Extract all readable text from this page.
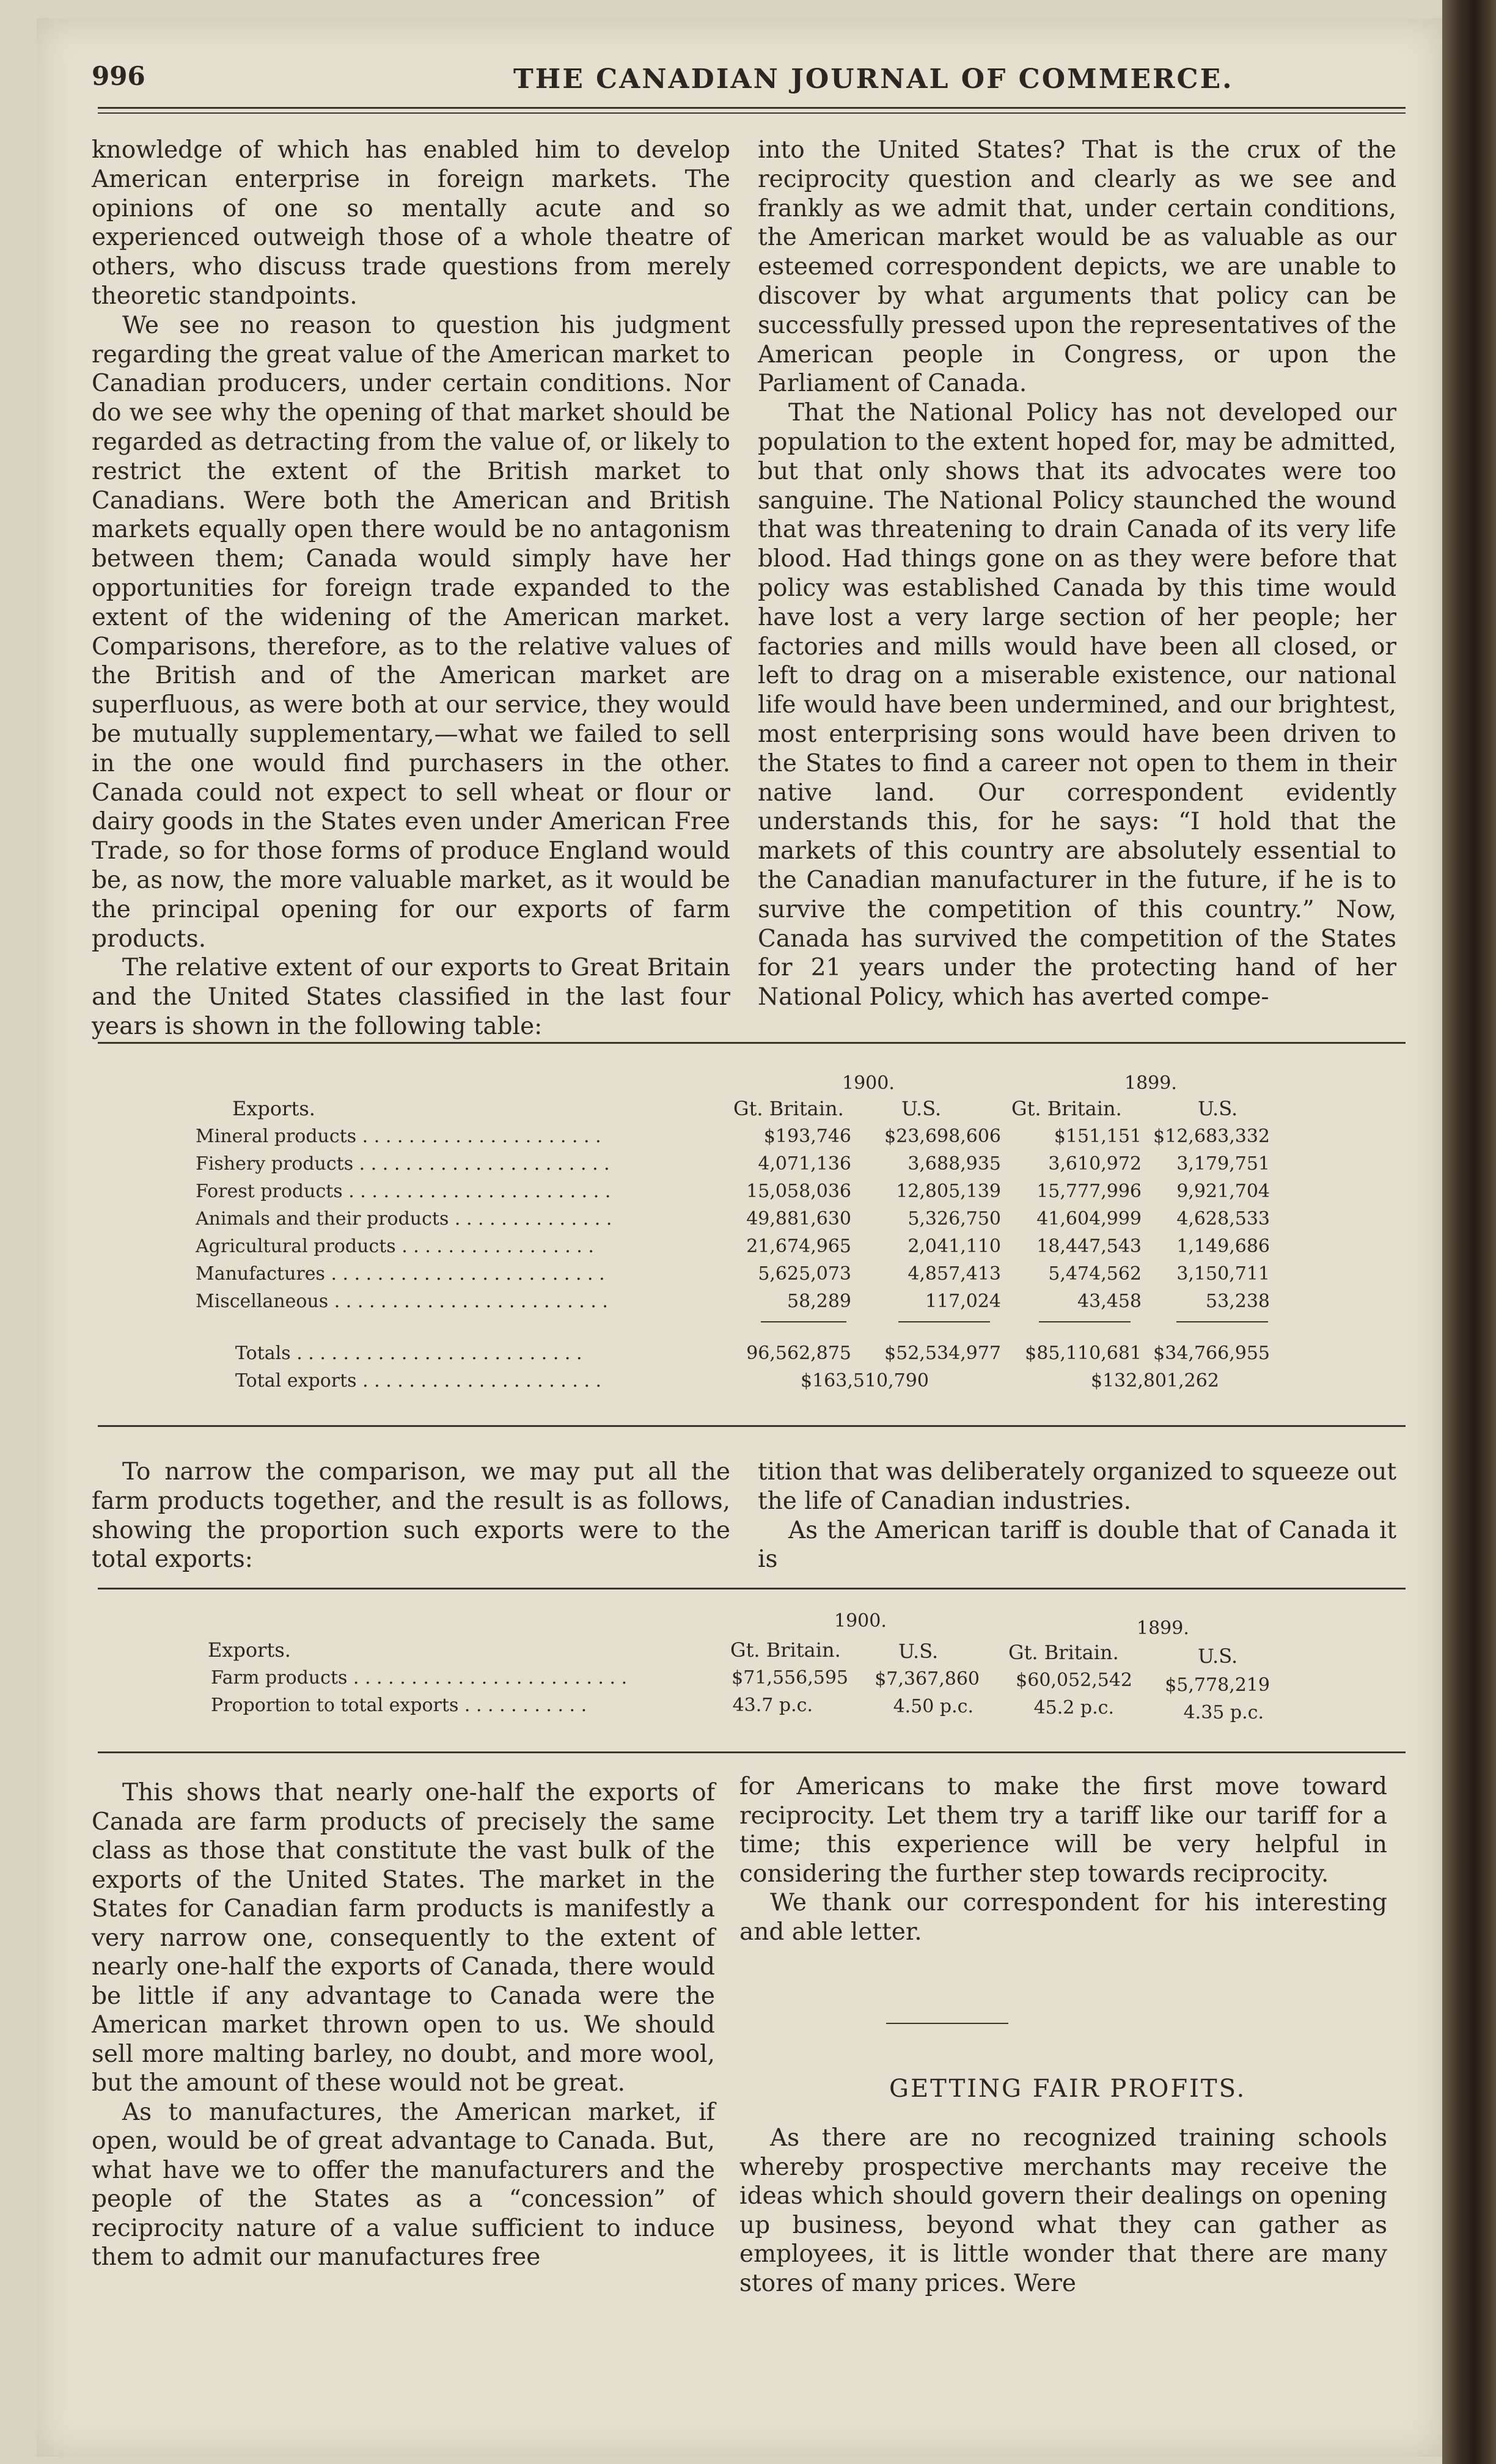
996	THE CANADIAN JOURNAL OF COMMERCE.

knowledge of which has enabled him to develop American enterprise in foreign markets. The opinions of one so mentally acute and so experienced outweigh those of a whole theatre of others, who discuss trade questions from merely theoretic standpoints.

We see no reason to question his judgment regarding the great value of the American market to Canadian producers, under certain conditions. Nor do we see why the opening of that market should be regarded as detracting from the value of, or likely to restrict the extent of the British market to Canadians. Were both the American and British markets equally open there would be no antagonism between them; Canada would simply have her opportunities for foreign trade expanded to the extent of the widening of the American market. Comparisons, therefore, as to the relative values of the British and of the American market are superfluous, as were both at our service, they would be mutually supplementary,—what we failed to sell in the one would find purchasers in the other. Canada could not expect to sell wheat or flour or dairy goods in the States even under American Free Trade, so for those forms of produce England would be, as now, the more valuable market, as it would be the principal opening for our exports of farm products.

The relative extent of our exports to Great Britain and the United States classified in the last four years is shown in the following table:

into the United States? That is the crux of the reciprocity question and clearly as we see and frankly as we admit that, under certain conditions, the American market would be as valuable as our esteemed correspondent depicts, we are unable to discover by what arguments that policy can be successfully pressed upon the representatives of the American people in Congress, or upon the Parliament of Canada.

That the National Policy has not developed our population to the extent hoped for, may be admitted, but that only shows that its advocates were too sanguine. The National Policy staunched the wound that was threatening to drain Canada of its very life blood. Had things gone on as they were before that policy was established Canada by this time would have lost a very large section of her people; her factories and mills would have been all closed, or left to drag on a miserable existence, our national life would have been undermined, and our brightest, most enterprising sons would have been driven to the States to find a career not open to them in their native land. Our correspondent evidently understands this, for he says: “I hold that the markets of this country are absolutely essential to the Canadian manufacturer in the future, if he is to survive the competition of this country.” Now, Canada has survived the competition of the States for 21 years under the protecting hand of her National Policy, which has averted compe-

1900.	1899.
Exports.	Gt. Britain.	U.S.	Gt. Britain.	U.S.
Mineral products . . . . . . . . . . . . . . . . . . . . .	$193,746 $23,698,606	$151,151 $12,683,332
Fishery products . . . . . . . . . . . . . . . . . . . . . .	4,071,136	3,688,935	3,610,972 3,179,751
Forest products . . . . . . . . . . . . . . . . . . . . . . .	15,058,036 12,805,139 15,777,996 9,921,704
Animals and their products . . . . . . . . . . . . . .	49,881,630	5,326,750 41,604,999 4,628,533
Agricultural products . . . . . . . . . . . . . . . . .	21,674,965	2,041,110 18,447,543 1,149,686
Manufactures . . . . . . . . . . . . . . . . . . . . . . . .	5,625,073	4,857,413	5,474,562 3,150,711
Miscellaneous . . . . . . . . . . . . . . . . . . . . . . . .	58,289	117,024	43,458	53,238
Totals . . . . . . . . . . . . . . . . . . . . . . . . .	96,562,875 $52,534,977 $85,110,681 $34,766,955
Total exports . . . . . . . . . . . . . . . . . . . . .	$163,510,790	$132,801,262

To narrow the comparison, we may put all the farm products together, and the result is as follows, showing the proportion such exports were to the total exports:

tition that was deliberately organized to squeeze out the life of Canadian industries.

As the American tariff is double that of Canada it is

1900.	1899.
Exports.	Gt. Britain.	U.S.	Gt. Britain.	U.S.
Farm products . . . . . . . . . . . . . . . . . . . . . . . .	$71,556,595 $7,367,860 $60,052,542 $5,778,219
Proportion to total exports . . . . . . . . . . .	43.7 p.c.	4.50 p.c.	45.2 p.c.	4.35 p.c.

This shows that nearly one-half the exports of Canada are farm products of precisely the same class as those that constitute the vast bulk of the exports of the United States. The market in the States for Canadian farm products is manifestly a very narrow one, consequently to the extent of nearly one-half the exports of Canada, there would be little if any advantage to Canada were the American market thrown open to us. We should sell more malting barley, no doubt, and more wool, but the amount of these would not be great.

As to manufactures, the American market, if open, would be of great advantage to Canada. But, what have we to offer the manufacturers and the people of the States as a “concession” of reciprocity nature of a value sufficient to induce them to admit our manufactures free

for Americans to make the first move toward reciprocity. Let them try a tariff like our tariff for a time; this experience will be very helpful in considering the further step towards reciprocity.

We thank our correspondent for his interesting and able letter.

GETTING FAIR PROFITS.

As there are no recognized training schools whereby prospective merchants may receive the ideas which should govern their dealings on opening up business, beyond what they can gather as employees, it is little wonder that there are many stores of many prices. Were
